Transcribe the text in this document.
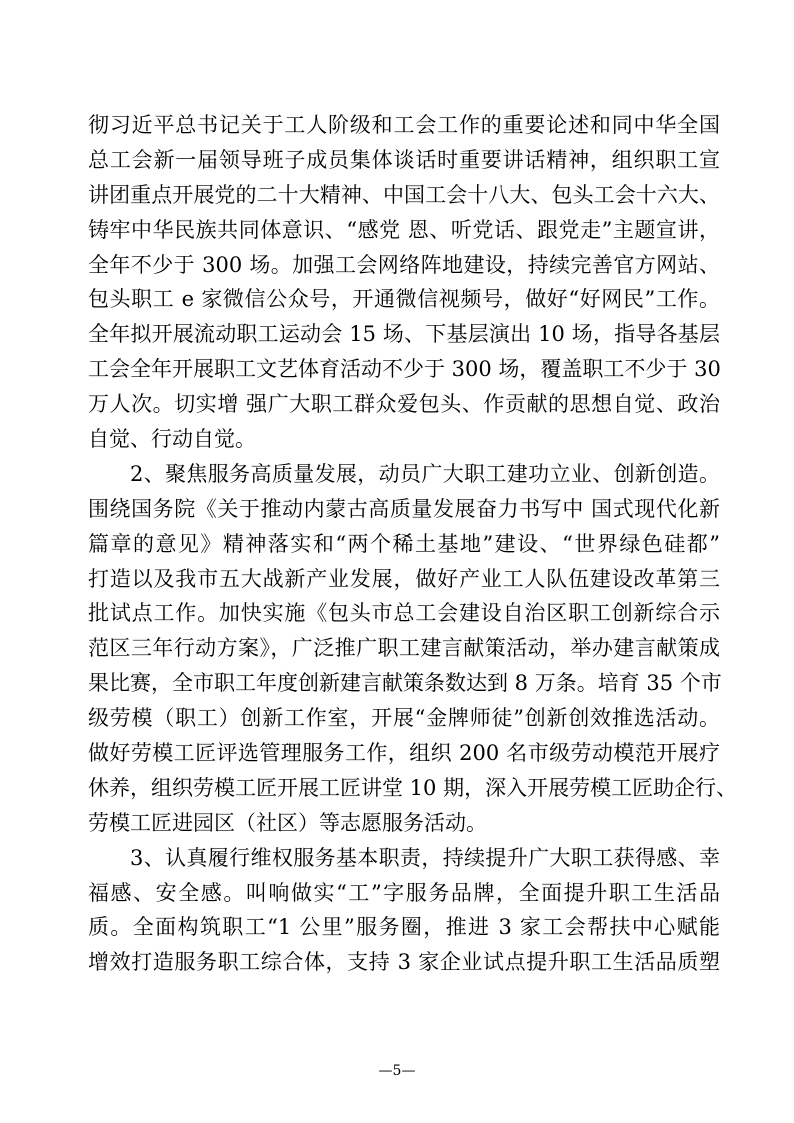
彻习近平总书记关于工人阶级和工会工作的重要论述和同中华全国
总工会新一届领导班子成员集体谈话时重要讲话精神，组织职工宣
讲团重点开展党的二十大精神、中国工会十八大、包头工会十六大、
铸牢中华民族共同体意识、“感党 恩、听党话、跟党走”主题宣讲，
全年不少于 300 场。加强工会网络阵地建设，持续完善官方网站、
包头职工 e 家微信公众号，开通微信视频号，做好“好网民”工作。
全年拟开展流动职工运动会 15 场、下基层演出 10 场，指导各基层
工会全年开展职工文艺体育活动不少于 300 场，覆盖职工不少于 30
万人次。切实增 强广大职工群众爱包头、作贡献的思想自觉、政治
自觉、行动自觉。
2、聚焦服务高质量发展，动员广大职工建功立业、创新创造。
围绕国务院《关于推动内蒙古高质量发展奋力书写中 国式现代化新
篇章的意见》精神落实和“两个稀土基地”建设、“世界绿色硅都”
打造以及我市五大战新产业发展，做好产业工人队伍建设改革第三
批试点工作。加快实施《包头市总工会建设自治区职工创新综合示
范区三年行动方案》，广泛推广职工建言献策活动，举办建言献策成
果比赛，全市职工年度创新建言献策条数达到 8 万条。培育 35 个市
级劳模（职工）创新工作室，开展“金牌师徒”创新创效推选活动。
做好劳模工匠评选管理服务工作，组织 200 名市级劳动模范开展疗
休养，组织劳模工匠开展工匠讲堂 10 期，深入开展劳模工匠助企行、
劳模工匠进园区（社区）等志愿服务活动。
3、认真履行维权服务基本职责，持续提升广大职工获得感、幸
福感、安全感。叫响做实“工”字服务品牌，全面提升职工生活品
质。全面构筑职工“1 公里”服务圈，推进 3 家工会帮扶中心赋能
增效打造服务职工综合体，支持 3 家企业试点提升职工生活品质塑
—5—
